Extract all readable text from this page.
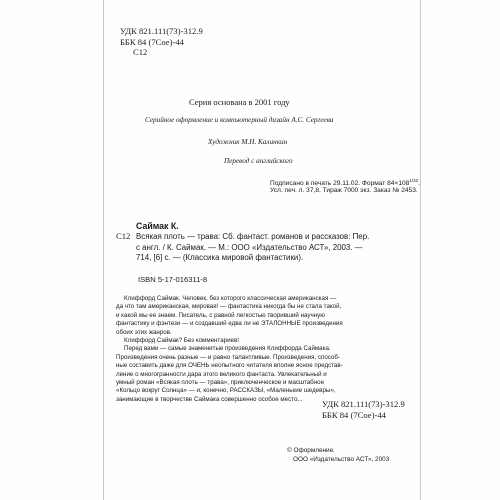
УДК 821.111(73)-312.9
ББК 84 (7Сое)-44
С12
Серия основана в 2001 году
Серийное оформление и компьютерный дизайн А.С. Сергеева
Художник М.Н. Калинкин
Перевод с английского
Подписано в печать 29.11.02. Формат $84\times 108^{1/32}$.
Усл. печ. л. 37,8. Тираж 7000 экз. Заказ № 2453.
Саймак К.
С12 Всякая плоть — трава: Сб. фантаст. романов и рассказов: Пер.
с англ. / К. Саймак. — М.: ООО «Издательство АСТ», 2003. —
714, [6] с. — (Классика мировой фантастики).
ISBN 5-17-016311-8
Клиффорд Саймак. Человек, без которого классическая американская —
да что там американская, мировая! — фантастика никогда бы не стала такой,
и какой мы ее знаем. Писатель, с равной легкостью творивший научную
фантастику и фэнтези — и создавший едва ли не ЭТАЛОННЫЕ произведения
обоих этих жанров.
Клиффорд Саймак? Без комментариев!
Перед вами — самые знаменитые произведения Клиффорда Саймака.
Произведения очень разные — и равно талантливые. Произведения, способ-
ные составить даже для ОЧЕНЬ неопытного читателя вполне ясное представ-
ление о многогранности дара этого великого фантаста. Увлекательный и
умный роман «Всякая плоть — трава», приключенческое и масштабное
«Кольцо вокруг Солнца» — и, конечно, РАССКАЗЫ, «Маленькие шедевры»,
занимающие в творчестве Саймака совершенно особое место...	УДК 821.111(73)-312.9
ББК 84 (7Сое)-44
© Оформление.
ООО «Издательство АСТ», 2003
